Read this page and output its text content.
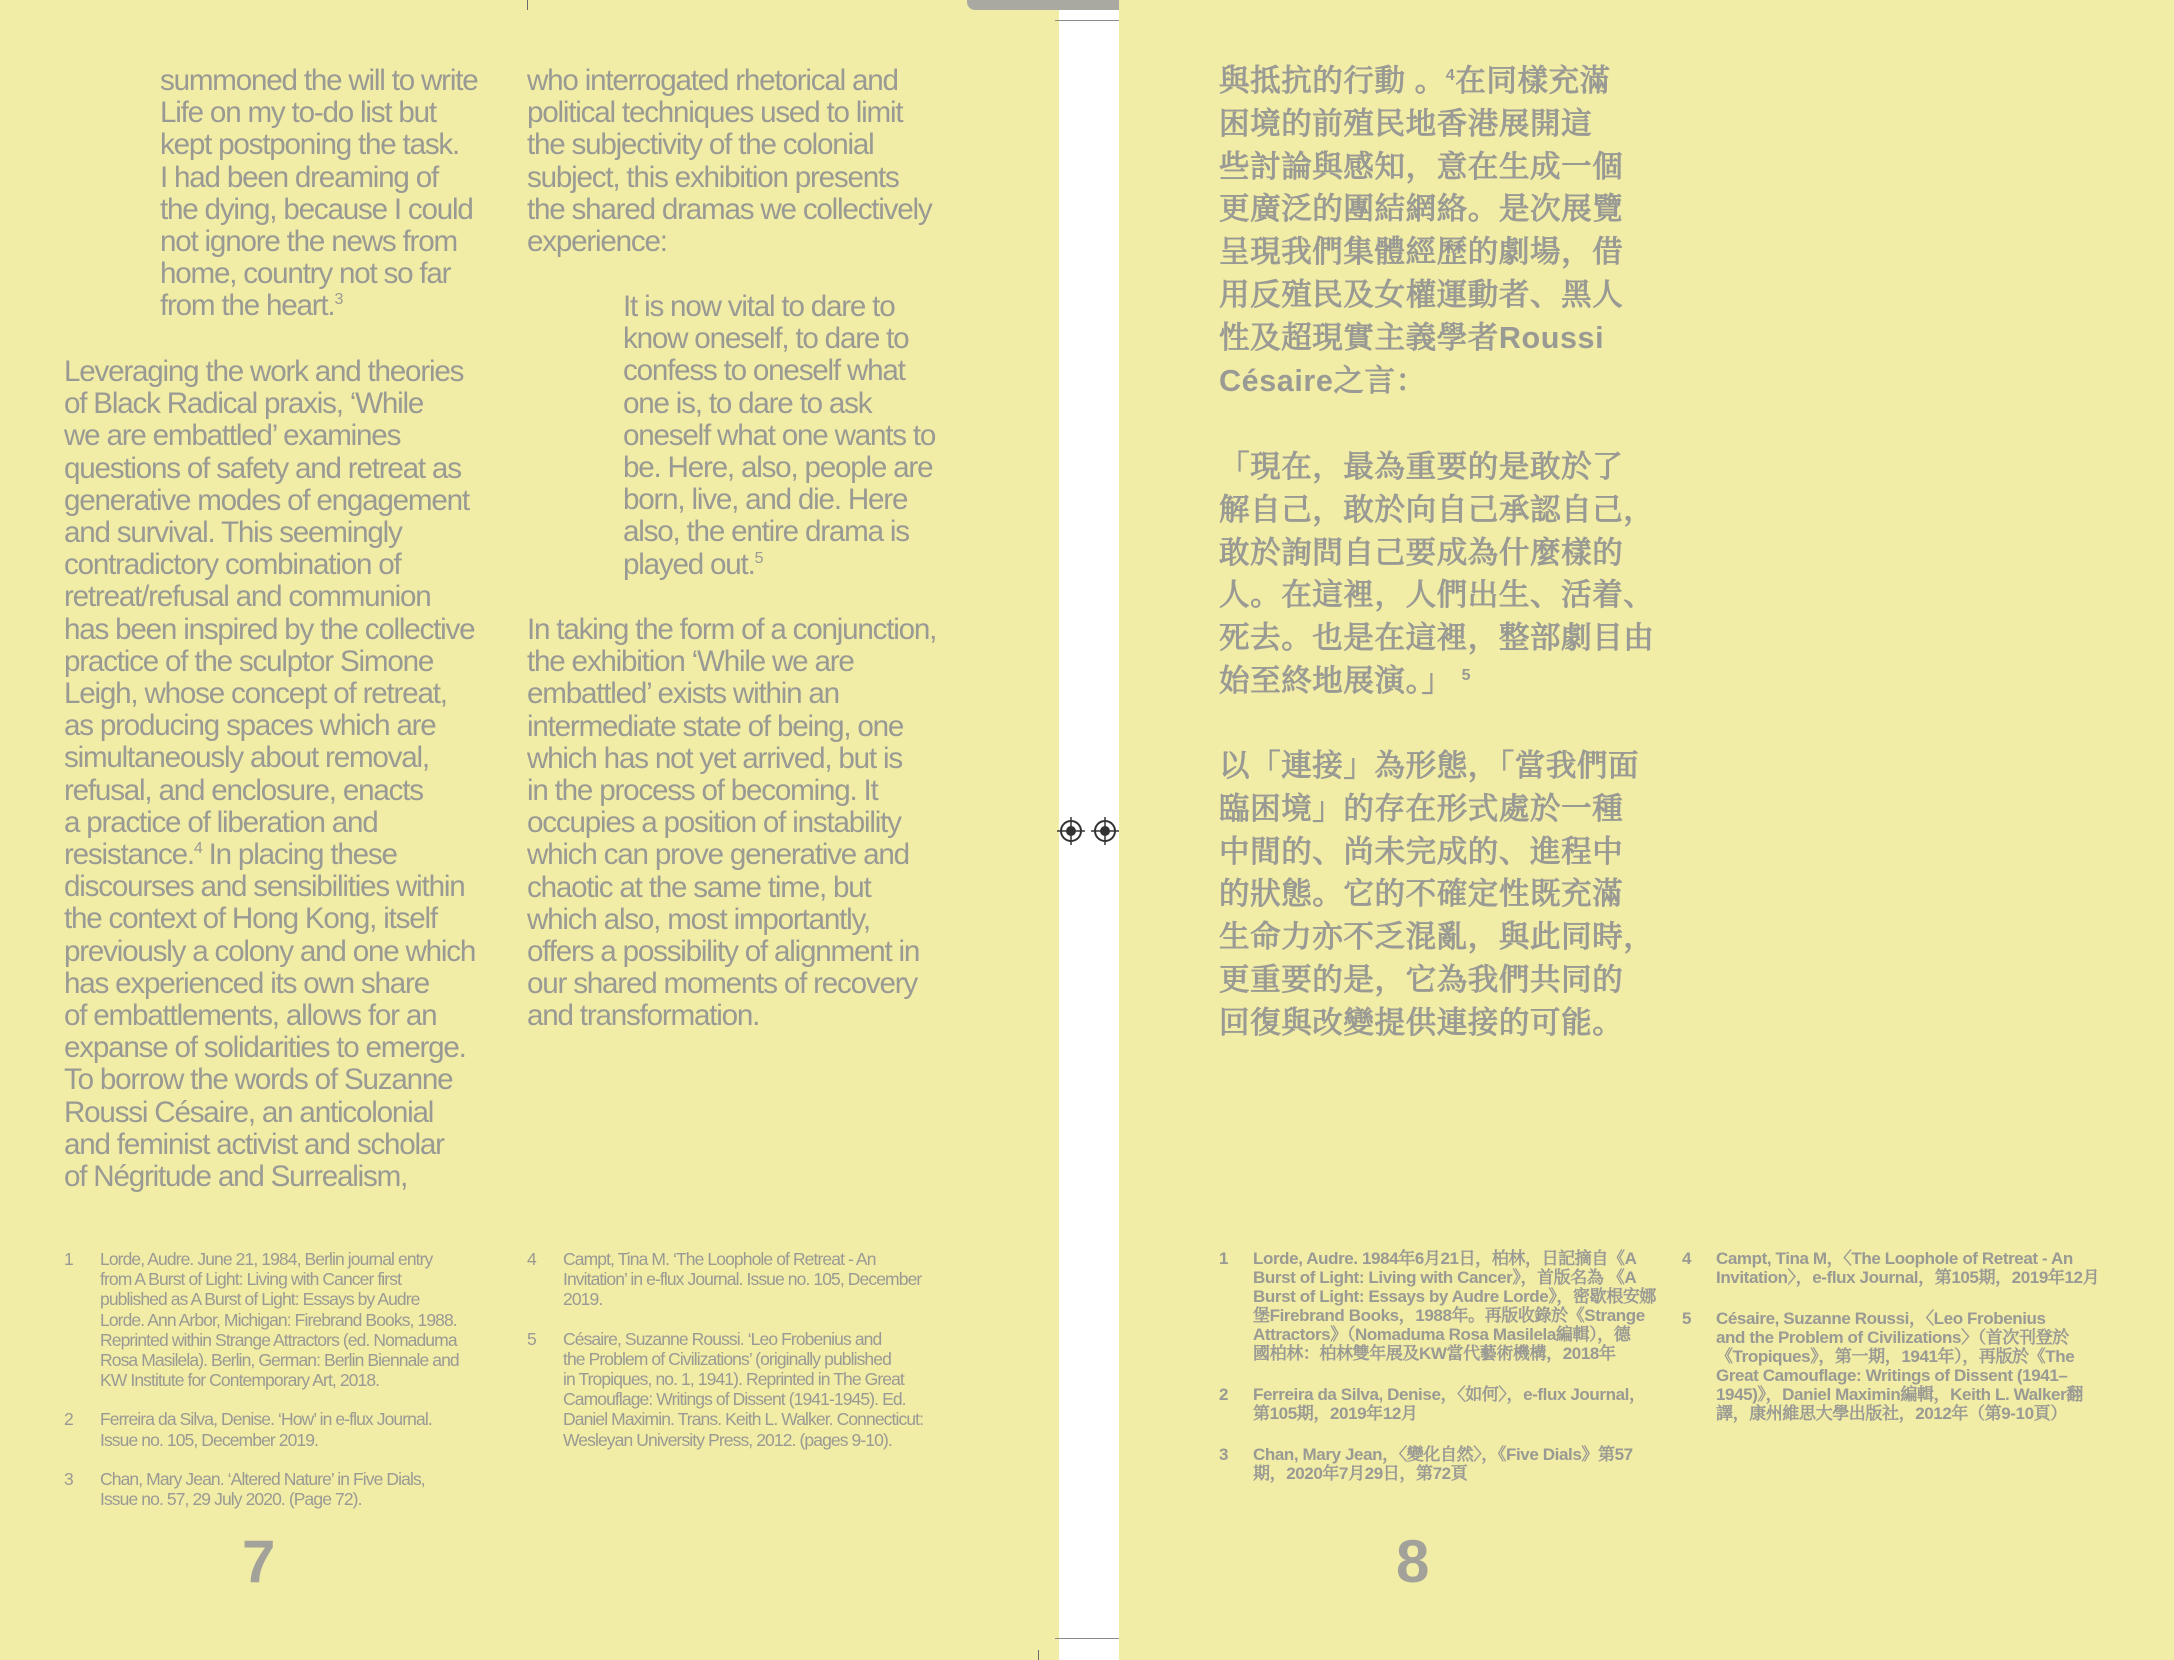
summoned the will to write
Life on my to-do list but
kept postponing the task.
I had been dreaming of
the dying, because I could
not ignore the news from
home, country not so far
from the heart.$^3$

Leveraging the work and theories
of Black Radical praxis, ‘While
we are embattled’ examines
questions of safety and retreat as
generative modes of engagement
and survival. This seemingly
contradictory combination of
retreat/refusal and communion
has been inspired by the collective
practice of the sculptor Simone
Leigh, whose concept of retreat,
as producing spaces which are
simultaneously about removal,
refusal, and enclosure, enacts
a practice of liberation and
resistance.$^4$ In placing these
discourses and sensibilities within
the context of Hong Kong, itself
previously a colony and one which
has experienced its own share
of embattlements, allows for an
expanse of solidarities to emerge.
To borrow the words of Suzanne
Roussi Césaire, an anticolonial
and feminist activist and scholar
of Négritude and Surrealism,

who interrogated rhetorical and
political techniques used to limit
the subjectivity of the colonial
subject, this exhibition presents
the shared dramas we collectively
experience:

It is now vital to dare to
know oneself, to dare to
confess to oneself what
one is, to dare to ask
oneself what one wants to
be. Here, also, people are
born, live, and die. Here
also, the entire drama is
played out.$^5$

In taking the form of a conjunction,
the exhibition ‘While we are
embattled’ exists within an
intermediate state of being, one
which has not yet arrived, but is
in the process of becoming. It
occupies a position of instability
which can prove generative and
chaotic at the same time, but
which also, most importantly,
offers a possibility of alignment in
our shared moments of recovery
and transformation.

1 Lorde, Audre. June 21, 1984, Berlin journal entry
from A Burst of Light: Living with Cancer first
published as A Burst of Light: Essays by Audre
Lorde. Ann Arbor, Michigan: Firebrand Books, 1988.
Reprinted within Strange Attractors (ed. Nomaduma
Rosa Masilela). Berlin, German: Berlin Biennale and
KW Institute for Contemporary Art, 2018.
2 Ferreira da Silva, Denise. ‘How’ in e-flux Journal.
Issue no. 105, December 2019.
3 Chan, Mary Jean. ‘Altered Nature’ in Five Dials,
Issue no. 57, 29 July 2020. (Page 72).
4 Campt, Tina M. ‘The Loophole of Retreat - An
Invitation’ in e-flux Journal. Issue no. 105, December
2019.
5 Césaire, Suzanne Roussi. ‘Leo Frobenius and
the Problem of Civilizations’ (originally published
in Tropiques, no. 1, 1941). Reprinted in The Great
Camouflage: Writings of Dissent (1941-1945). Ed.
Daniel Maximin. Trans. Keith L. Walker. Connecticut:
Wesleyan University Press, 2012. (pages 9-10).
7

與抵抗的行動 。$^4$在同樣充滿
困境的前殖民地香港展開這
些討論與感知，意在生成一個
更廣泛的團結網絡。是次展覽
呈現我們集體經歷的劇場，借
用反殖民及女權運動者、黑人
性及超現實主義學者Roussi
Césaire之言：

「現在，最為重要的是敢於了
解自己，敢於向自己承認自己，
敢於詢問自己要成為什麼樣的
人。在這裡，人們出生、活着、
死去。也是在這裡，整部劇目由
始至終地展演。」 $^5$

以「連接」為形態，「當我們面
臨困境」的存在形式處於一種
中間的、尚未完成的、進程中
的狀態。它的不確定性既充滿
生命力亦不乏混亂，與此同時，
更重要的是，它為我們共同的
回復與改變提供連接的可能。

1 Lorde, Audre. 1984年6月21日，柏林，日記摘自《A
Burst of Light: Living with Cancer》，首版名為 《A
Burst of Light: Essays by Audre Lorde》，密歇根安娜
堡Firebrand Books，1988年。再版收錄於《Strange
Attractors》（Nomaduma Rosa Masilela編輯），德
國柏林：柏林雙年展及KW當代藝術機構，2018年
2 Ferreira da Silva, Denise，〈如何〉，e-flux Journal，
第105期，2019年12月
3 Chan, Mary Jean，〈變化自然〉，《Five Dials》第57
期，2020年7月29日，第72頁
4 Campt, Tina M，〈The Loophole of Retreat - An
Invitation〉，e-flux Journal，第105期，2019年12月
5 Césaire, Suzanne Roussi，〈Leo Frobenius
and the Problem of Civilizations〉（首次刊登於
《Tropiques》，第一期，1941年），再版於《The
Great Camouflage: Writings of Dissent (1941–
1945)》，Daniel Maximin編輯，Keith L. Walker翻
譯，康州維思大學出版社，2012年（第9-10頁）
8
